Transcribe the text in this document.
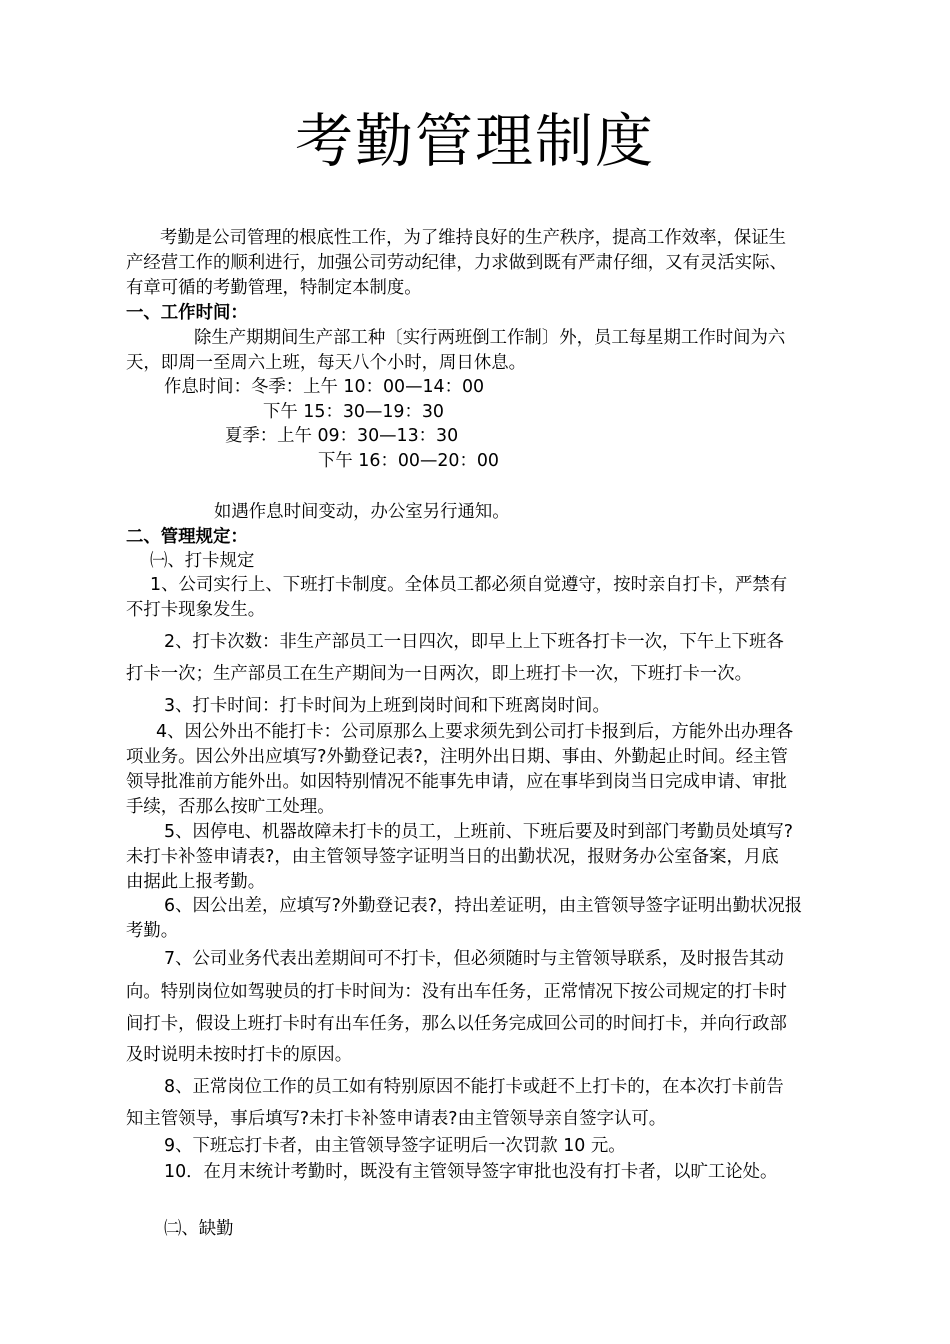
考勤管理制度
考勤是公司管理的根底性工作，为了维持良好的生产秩序，提高工作效率，保证生
产经营工作的顺利进行，加强公司劳动纪律，力求做到既有严肃仔细，又有灵活实际、
有章可循的考勤管理，特制定本制度。
一、工作时间：
除生产期期间生产部工种〔实行两班倒工作制〕外，员工每星期工作时间为六
天，即周一至周六上班，每天八个小时，周日休息。
作息时间：冬季：上午 10：00—14：00
下午 15：30—19：30
夏季：上午 09：30—13：30
下午 16：00—20：00
如遇作息时间变动，办公室另行通知。
二、管理规定：
㈠、打卡规定
1、公司实行上、下班打卡制度。全体员工都必须自觉遵守，按时亲自打卡，严禁有
不打卡现象发生。
2、打卡次数：非生产部员工一日四次，即早上上下班各打卡一次，下午上下班各
打卡一次；生产部员工在生产期间为一日两次，即上班打卡一次，下班打卡一次。
3、打卡时间：打卡时间为上班到岗时间和下班离岗时间。
4、因公外出不能打卡：公司原那么上要求须先到公司打卡报到后，方能外出办理各
项业务。因公外出应填写?外勤登记表?，注明外出日期、事由、外勤起止时间。经主管
领导批准前方能外出。如因特别情况不能事先申请，应在事毕到岗当日完成申请、审批
手续，否那么按旷工处理。
5、因停电、机器故障未打卡的员工，上班前、下班后要及时到部门考勤员处填写?
未打卡补签申请表?，由主管领导签字证明当日的出勤状况，报财务办公室备案，月底
由据此上报考勤。
6、因公出差，应填写?外勤登记表?，持出差证明，由主管领导签字证明出勤状况报
考勤。
7、公司业务代表出差期间可不打卡，但必须随时与主管领导联系，及时报告其动
向。特别岗位如驾驶员的打卡时间为：没有出车任务，正常情况下按公司规定的打卡时
间打卡，假设上班打卡时有出车任务，那么以任务完成回公司的时间打卡，并向行政部
及时说明未按时打卡的原因。
8、正常岗位工作的员工如有特别原因不能打卡或赶不上打卡的，在本次打卡前告
知主管领导，事后填写?未打卡补签申请表?由主管领导亲自签字认可。
9、下班忘打卡者，由主管领导签字证明后一次罚款 10 元。
10．在月末统计考勤时，既没有主管领导签字审批也没有打卡者，以旷工论处。
㈡、缺勤
